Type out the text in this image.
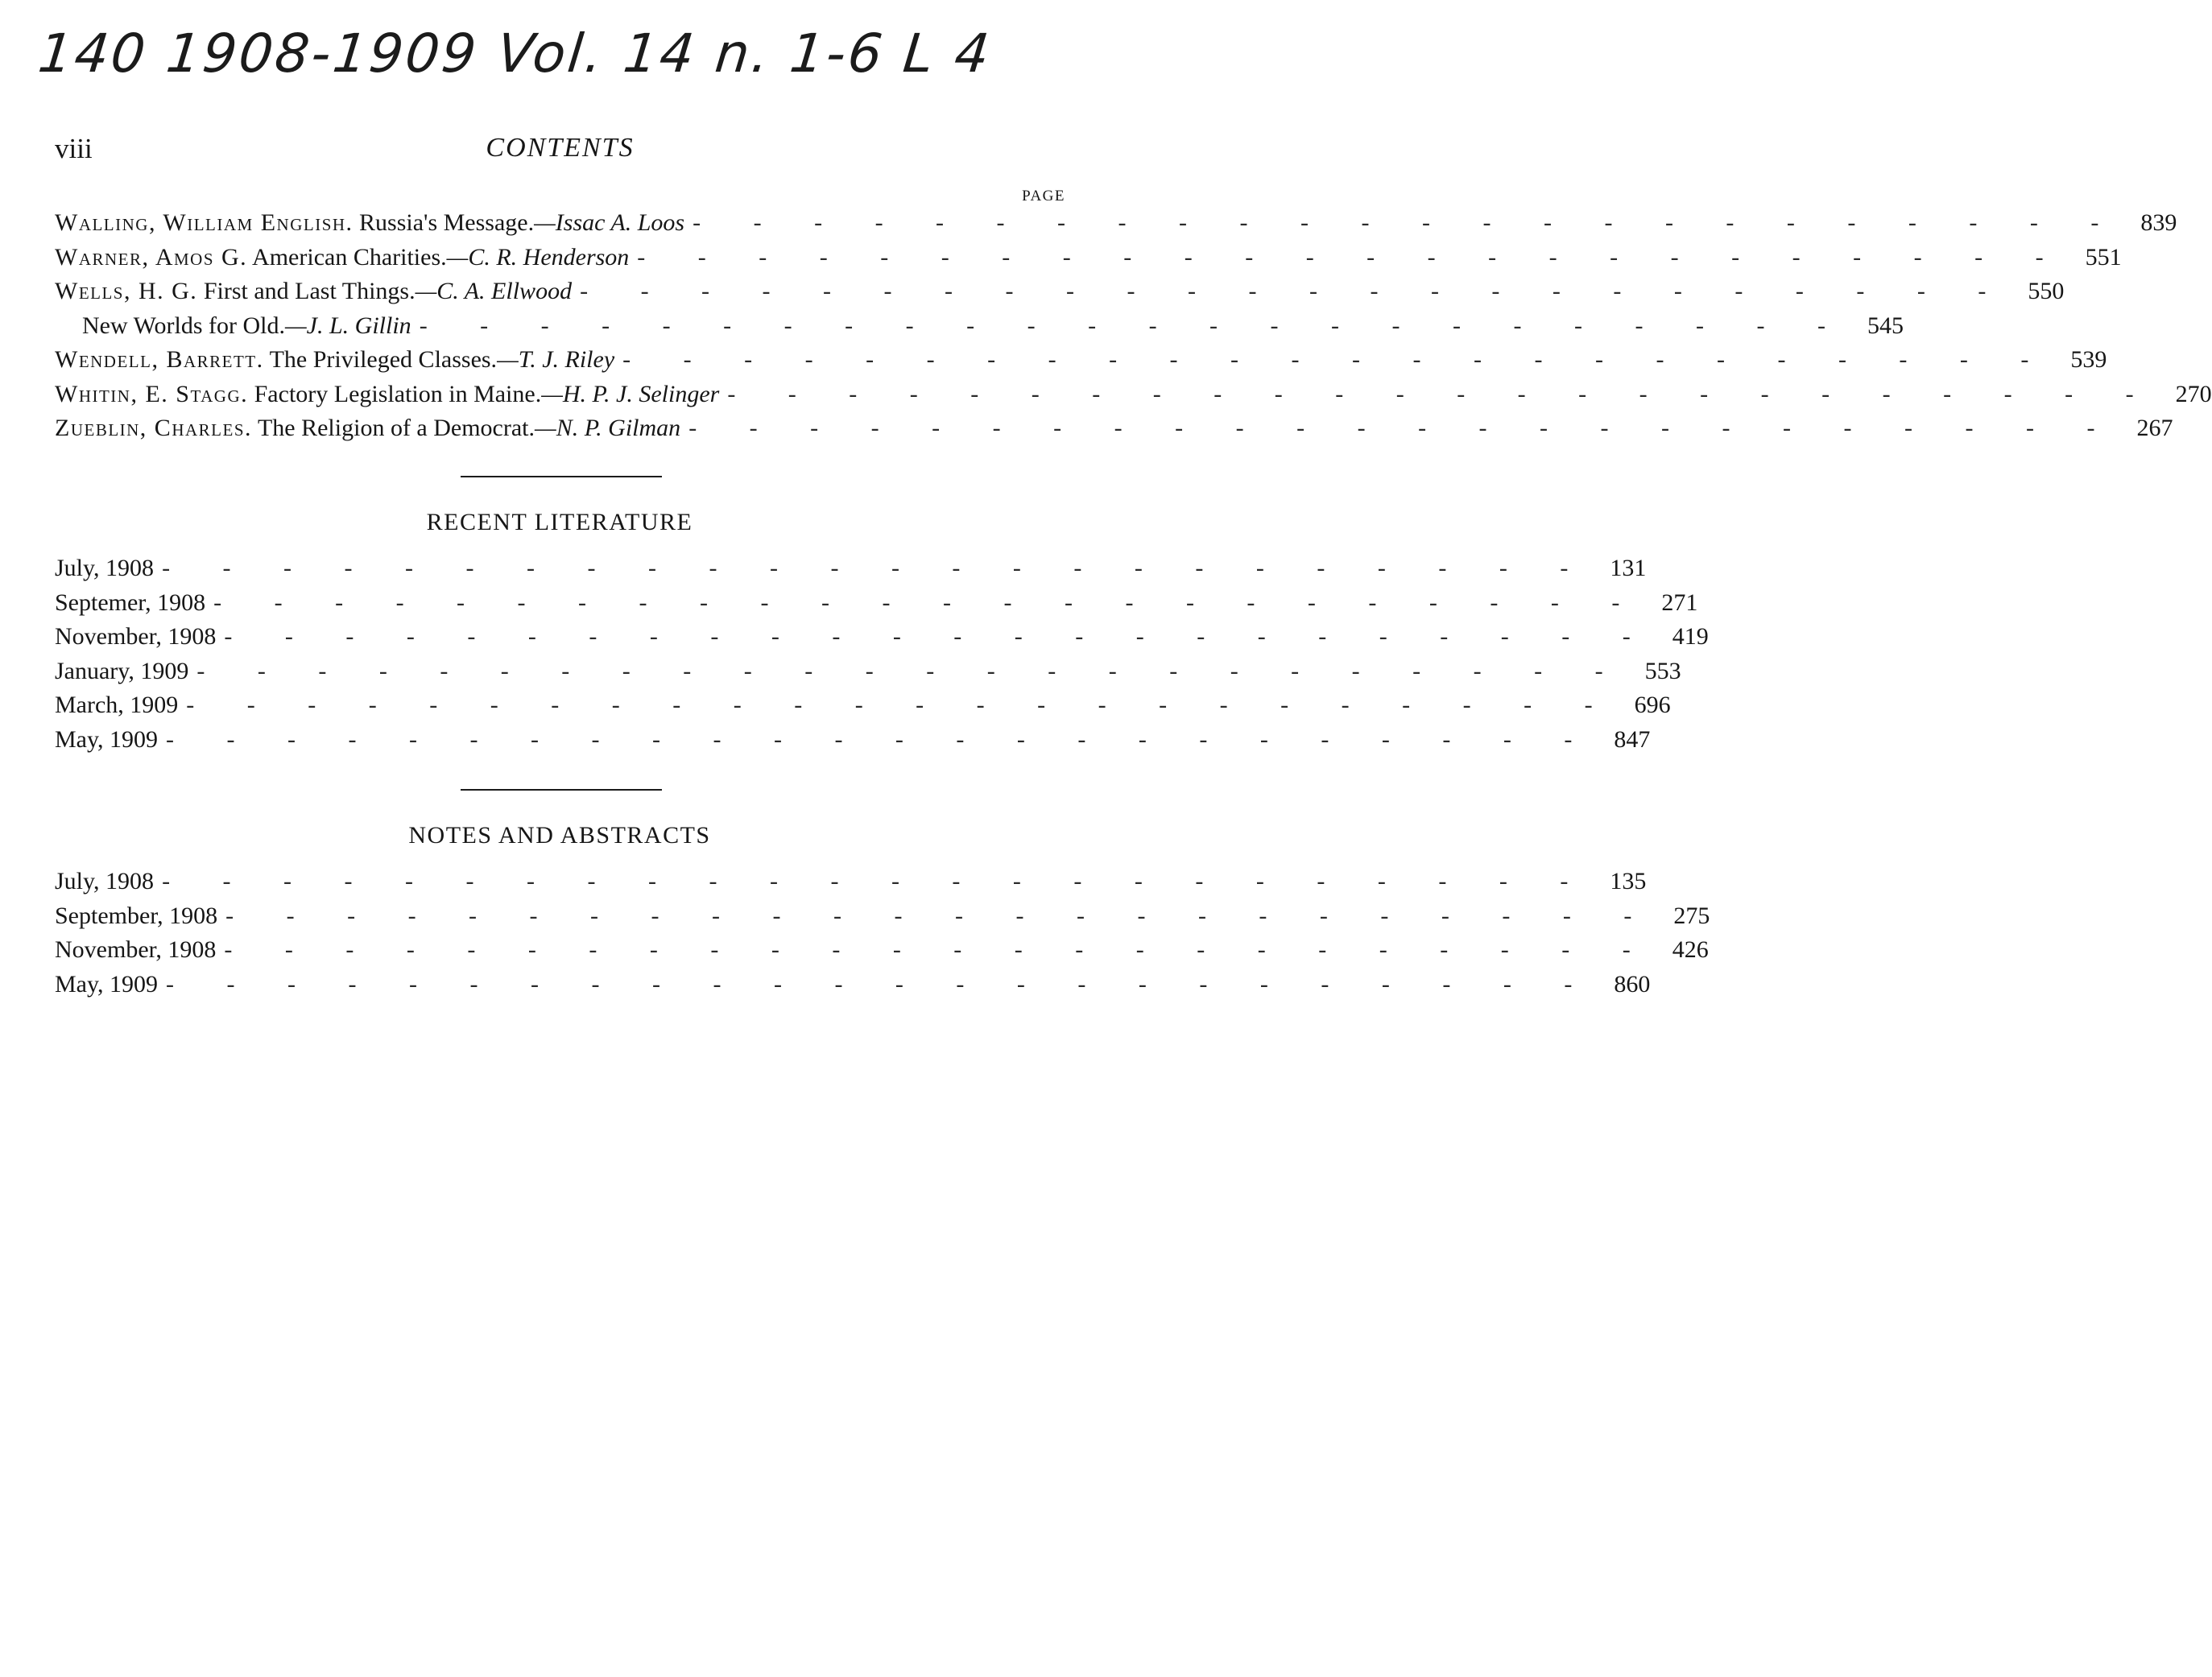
140 1908-1909 Vol. 14 n. 1-6 L 4
viii	CONTENTS
PAGE
Walling, William English. Russia's Message.—Issac A. Loos - - - - - - - - - - - - - - - - - - - - - - - - 839
Warner, Amos G. American Charities.—C. R. Henderson - - - - - - - - - - - - - - - - - - - - - - - - 551
Wells, H. G. First and Last Things.—C. A. Ellwood - - - - - - - - - - - - - - - - - - - - - - - - 550
New Worlds for Old.—J. L. Gillin - - - - - - - - - - - - - - - - - - - - - - - - 545
Wendell, Barrett. The Privileged Classes.—T. J. Riley - - - - - - - - - - - - - - - - - - - - - - - - 539
Whitin, E. Stagg. Factory Legislation in Maine.—H. P. J. Selinger - - - - - - - - - - - - - - - - - - - - - - - - 270
Zueblin, Charles. The Religion of a Democrat.—N. P. Gilman - - - - - - - - - - - - - - - - - - - - - - - - 267
RECENT LITERATURE
July, 1908 - - - - - - - - - - - - - - - - - - - - - - - - 131
Septemer, 1908 - - - - - - - - - - - - - - - - - - - - - - - - 271
November, 1908 - - - - - - - - - - - - - - - - - - - - - - - - 419
January, 1909 - - - - - - - - - - - - - - - - - - - - - - - - 553
March, 1909 - - - - - - - - - - - - - - - - - - - - - - - - 696
May, 1909 - - - - - - - - - - - - - - - - - - - - - - - - 847
NOTES AND ABSTRACTS
July, 1908 - - - - - - - - - - - - - - - - - - - - - - - - 135
September, 1908 - - - - - - - - - - - - - - - - - - - - - - - - 275
November, 1908 - - - - - - - - - - - - - - - - - - - - - - - - 426
May, 1909 - - - - - - - - - - - - - - - - - - - - - - - - 860
